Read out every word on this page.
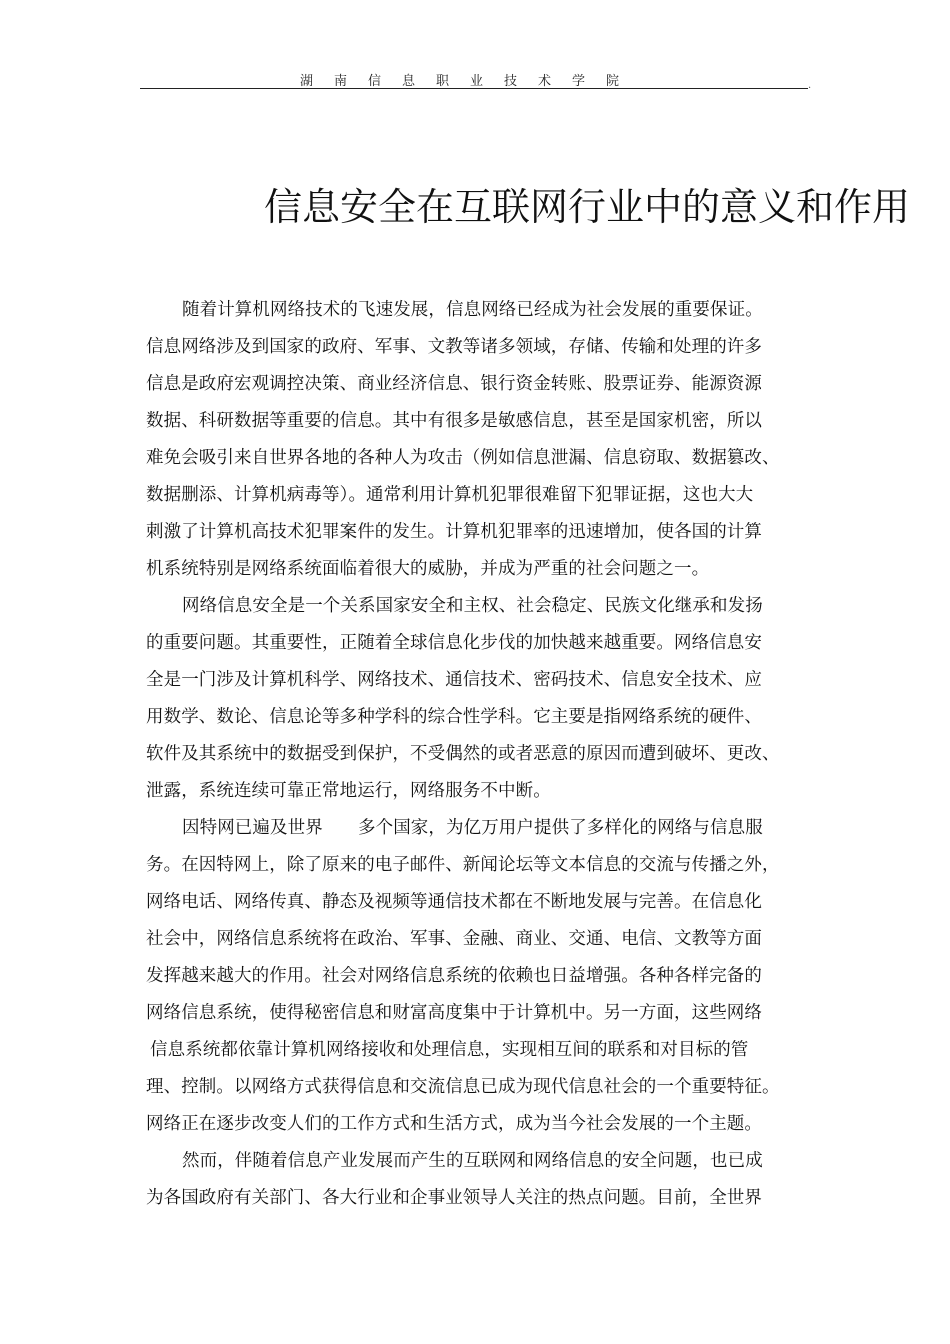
湖南信息职业技术学院	.
信息安全在互联网行业中的意义和作用
随着计算机网络技术的飞速发展，信息网络已经成为社会发展的重要保证。
信息网络涉及到国家的政府、军事、文教等诸多领域，存储、传输和处理的许多
信息是政府宏观调控决策、商业经济信息、银行资金转账、股票证券、能源资源
数据、科研数据等重要的信息。其中有很多是敏感信息，甚至是国家机密，所以
难免会吸引来自世界各地的各种人为攻击（例如信息泄漏、信息窃取、数据篡改、
数据删添、计算机病毒等）。通常利用计算机犯罪很难留下犯罪证据，这也大大
刺激了计算机高技术犯罪案件的发生。计算机犯罪率的迅速增加，使各国的计算
机系统特别是网络系统面临着很大的威胁，并成为严重的社会问题之一。
网络信息安全是一个关系国家安全和主权、社会稳定、民族文化继承和发扬
的重要问题。其重要性，正随着全球信息化步伐的加快越来越重要。网络信息安
全是一门涉及计算机科学、网络技术、通信技术、密码技术、信息安全技术、应
用数学、数论、信息论等多种学科的综合性学科。它主要是指网络系统的硬件、
软件及其系统中的数据受到保护，不受偶然的或者恶意的原因而遭到破坏、更改、
泄露，系统连续可靠正常地运行，网络服务不中断。
因特网已遍及世界　　多个国家，为亿万用户提供了多样化的网络与信息服
务。在因特网上，除了原来的电子邮件、新闻论坛等文本信息的交流与传播之外，
网络电话、网络传真、静态及视频等通信技术都在不断地发展与完善。在信息化
社会中，网络信息系统将在政治、军事、金融、商业、交通、电信、文教等方面
发挥越来越大的作用。社会对网络信息系统的依赖也日益增强。各种各样完备的
网络信息系统，使得秘密信息和财富高度集中于计算机中。另一方面，这些网络
信息系统都依靠计算机网络接收和处理信息，实现相互间的联系和对目标的管
理、控制。以网络方式获得信息和交流信息已成为现代信息社会的一个重要特征。
网络正在逐步改变人们的工作方式和生活方式，成为当今社会发展的一个主题。
然而，伴随着信息产业发展而产生的互联网和网络信息的安全问题，也已成
为各国政府有关部门、各大行业和企事业领导人关注的热点问题。目前，全世界
